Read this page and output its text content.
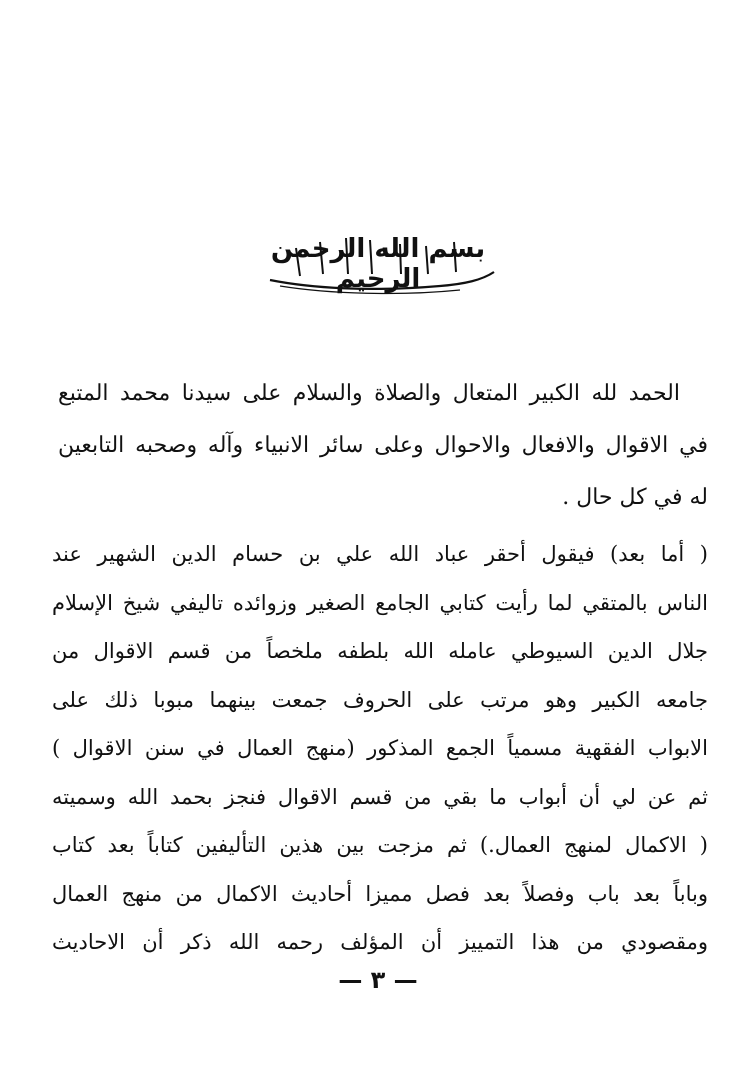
بسم الله الرحمن الرحيم
الحمد لله الكبير المتعال والصلاة والسلام على سيدنا محمد المتبع
في الاقوال والافعال والاحوال وعلى سائر الانبياء وآله وصحبه التابعين
له في كل حال .
( أما بعد) فيقول أحقر عباد الله علي بن حسام الدين الشهير عند
الناس بالمتقي لما رأيت كتابي الجامع الصغير وزوائده تاليفي شيخ الإسلام
جلال الدين السيوطي عامله الله بلطفه ملخصاً من قسم الاقوال من
جامعه الكبير وهو مرتب على الحروف جمعت بينهما مبوبا ذلك على
الابواب الفقهية مسمياً الجمع المذكور (منهج العمال في سنن الاقوال )
ثم عن لي أن أبواب ما بقي من قسم الاقوال فنجز بحمد الله وسميته
( الاكمال لمنهج العمال.) ثم مزجت بين هذين التأليفين كتاباً بعد كتاب
وباباً بعد باب وفصلاً بعد فصل مميزا أحاديث الاكمال من منهج العمال
ومقصودي من هذا التمييز أن المؤلف رحمه الله ذكر أن الاحاديث
— ٣ —
